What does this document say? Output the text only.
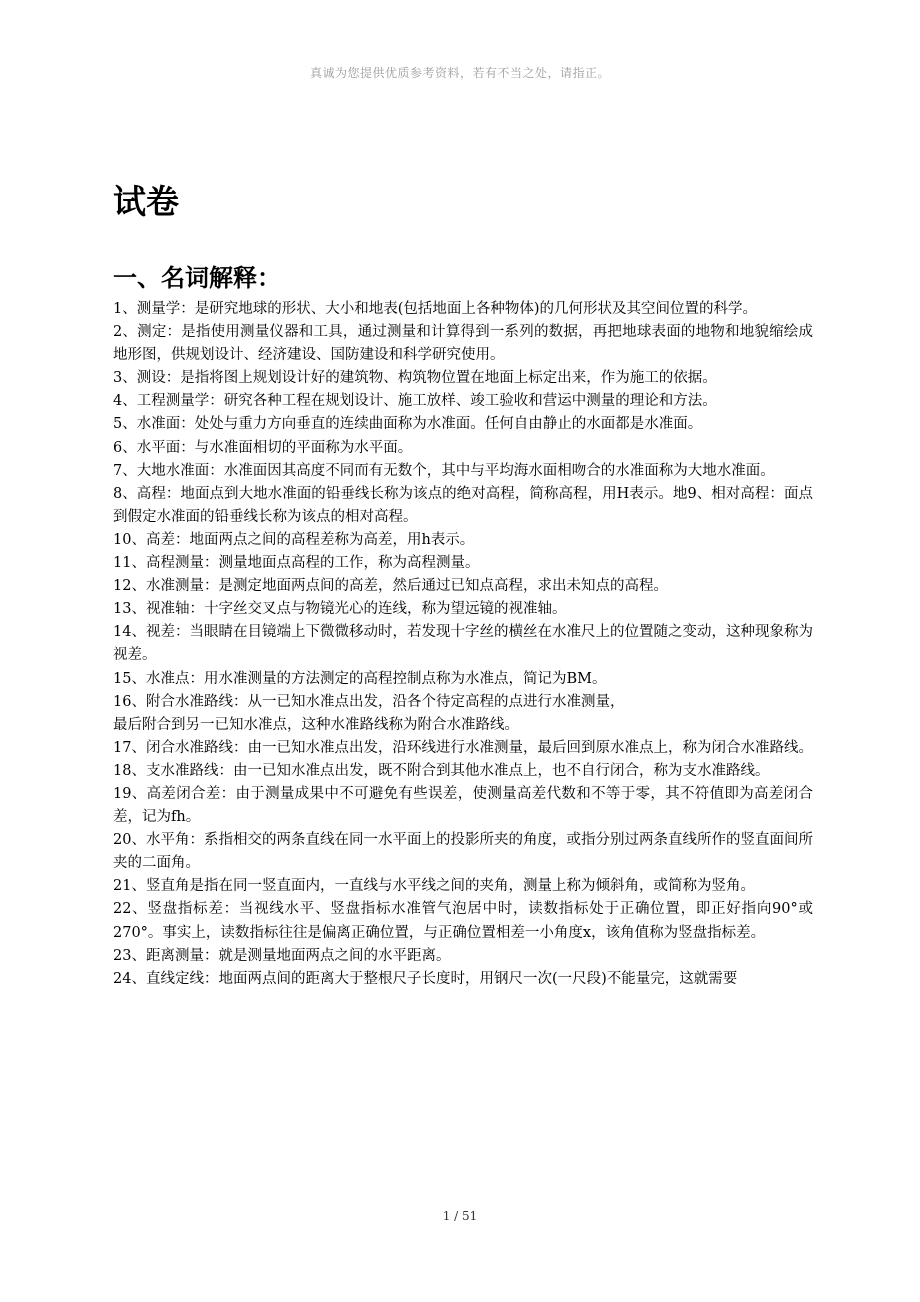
真诚为您提供优质参考资料，若有不当之处，请指正。
试卷
一、名词解释：

1、测量学：是研究地球的形状、大小和地表(包括地面上各种物体)的几何形状及其空间位置的科学。

2、测定：是指使用测量仪器和工具，通过测量和计算得到一系列的数据，再把地球表面的地物和地貌缩绘成地形图，供规划设计、经济建设、国防建设和科学研究使用。

3、测设：是指将图上规划设计好的建筑物、构筑物位置在地面上标定出来，作为施工的依据。

4、工程测量学：研究各种工程在规划设计、施工放样、竣工验收和营运中测量的理论和方法。

5、水准面：处处与重力方向垂直的连续曲面称为水准面。任何自由静止的水面都是水准面。

6、水平面：与水准面相切的平面称为水平面。

7、大地水准面：水准面因其高度不同而有无数个，其中与平均海水面相吻合的水准面称为大地水准面。

8、高程：地面点到大地水准面的铅垂线长称为该点的绝对高程，简称高程，用H表示。地9、相对高程：面点到假定水准面的铅垂线长称为该点的相对高程。

10、高差：地面两点之间的高程差称为高差，用h表示。

11、高程测量：测量地面点高程的工作，称为高程测量。

12、水准测量：是测定地面两点间的高差，然后通过已知点高程，求出未知点的高程。

13、视准轴：十字丝交叉点与物镜光心的连线，称为望远镜的视准轴。

14、视差：当眼睛在目镜端上下微微移动时，若发现十字丝的横丝在水准尺上的位置随之变动，这种现象称为视差。

15、水准点：用水准测量的方法测定的高程控制点称为水准点，简记为BM。

16、附合水准路线：从一已知水准点出发，沿各个待定高程的点进行水准测量，

最后附合到另一已知水准点，这种水准路线称为附合水准路线。

17、闭合水准路线：由一已知水准点出发，沿环线进行水准测量，最后回到原水准点上，称为闭合水准路线。

18、支水准路线：由一已知水准点出发，既不附合到其他水准点上，也不自行闭合，称为支水准路线。

19、高差闭合差：由于测量成果中不可避免有些误差，使测量高差代数和不等于零，其不符值即为高差闭合差，记为fh。

20、水平角：系指相交的两条直线在同一水平面上的投影所夹的角度，或指分别过两条直线所作的竖直面间所夹的二面角。

21、竖直角是指在同一竖直面内，一直线与水平线之间的夹角，测量上称为倾斜角，或简称为竖角。

22、竖盘指标差：当视线水平、竖盘指标水准管气泡居中时，读数指标处于正确位置，即正好指向90°或270°。事实上，读数指标往往是偏离正确位置，与正确位置相差一小角度x，该角值称为竖盘指标差。

23、距离测量：就是测量地面两点之间的水平距离。

24、直线定线：地面两点间的距离大于整根尺子长度时，用钢尺一次(一尺段)不能量完，这就需要

1 / 51
